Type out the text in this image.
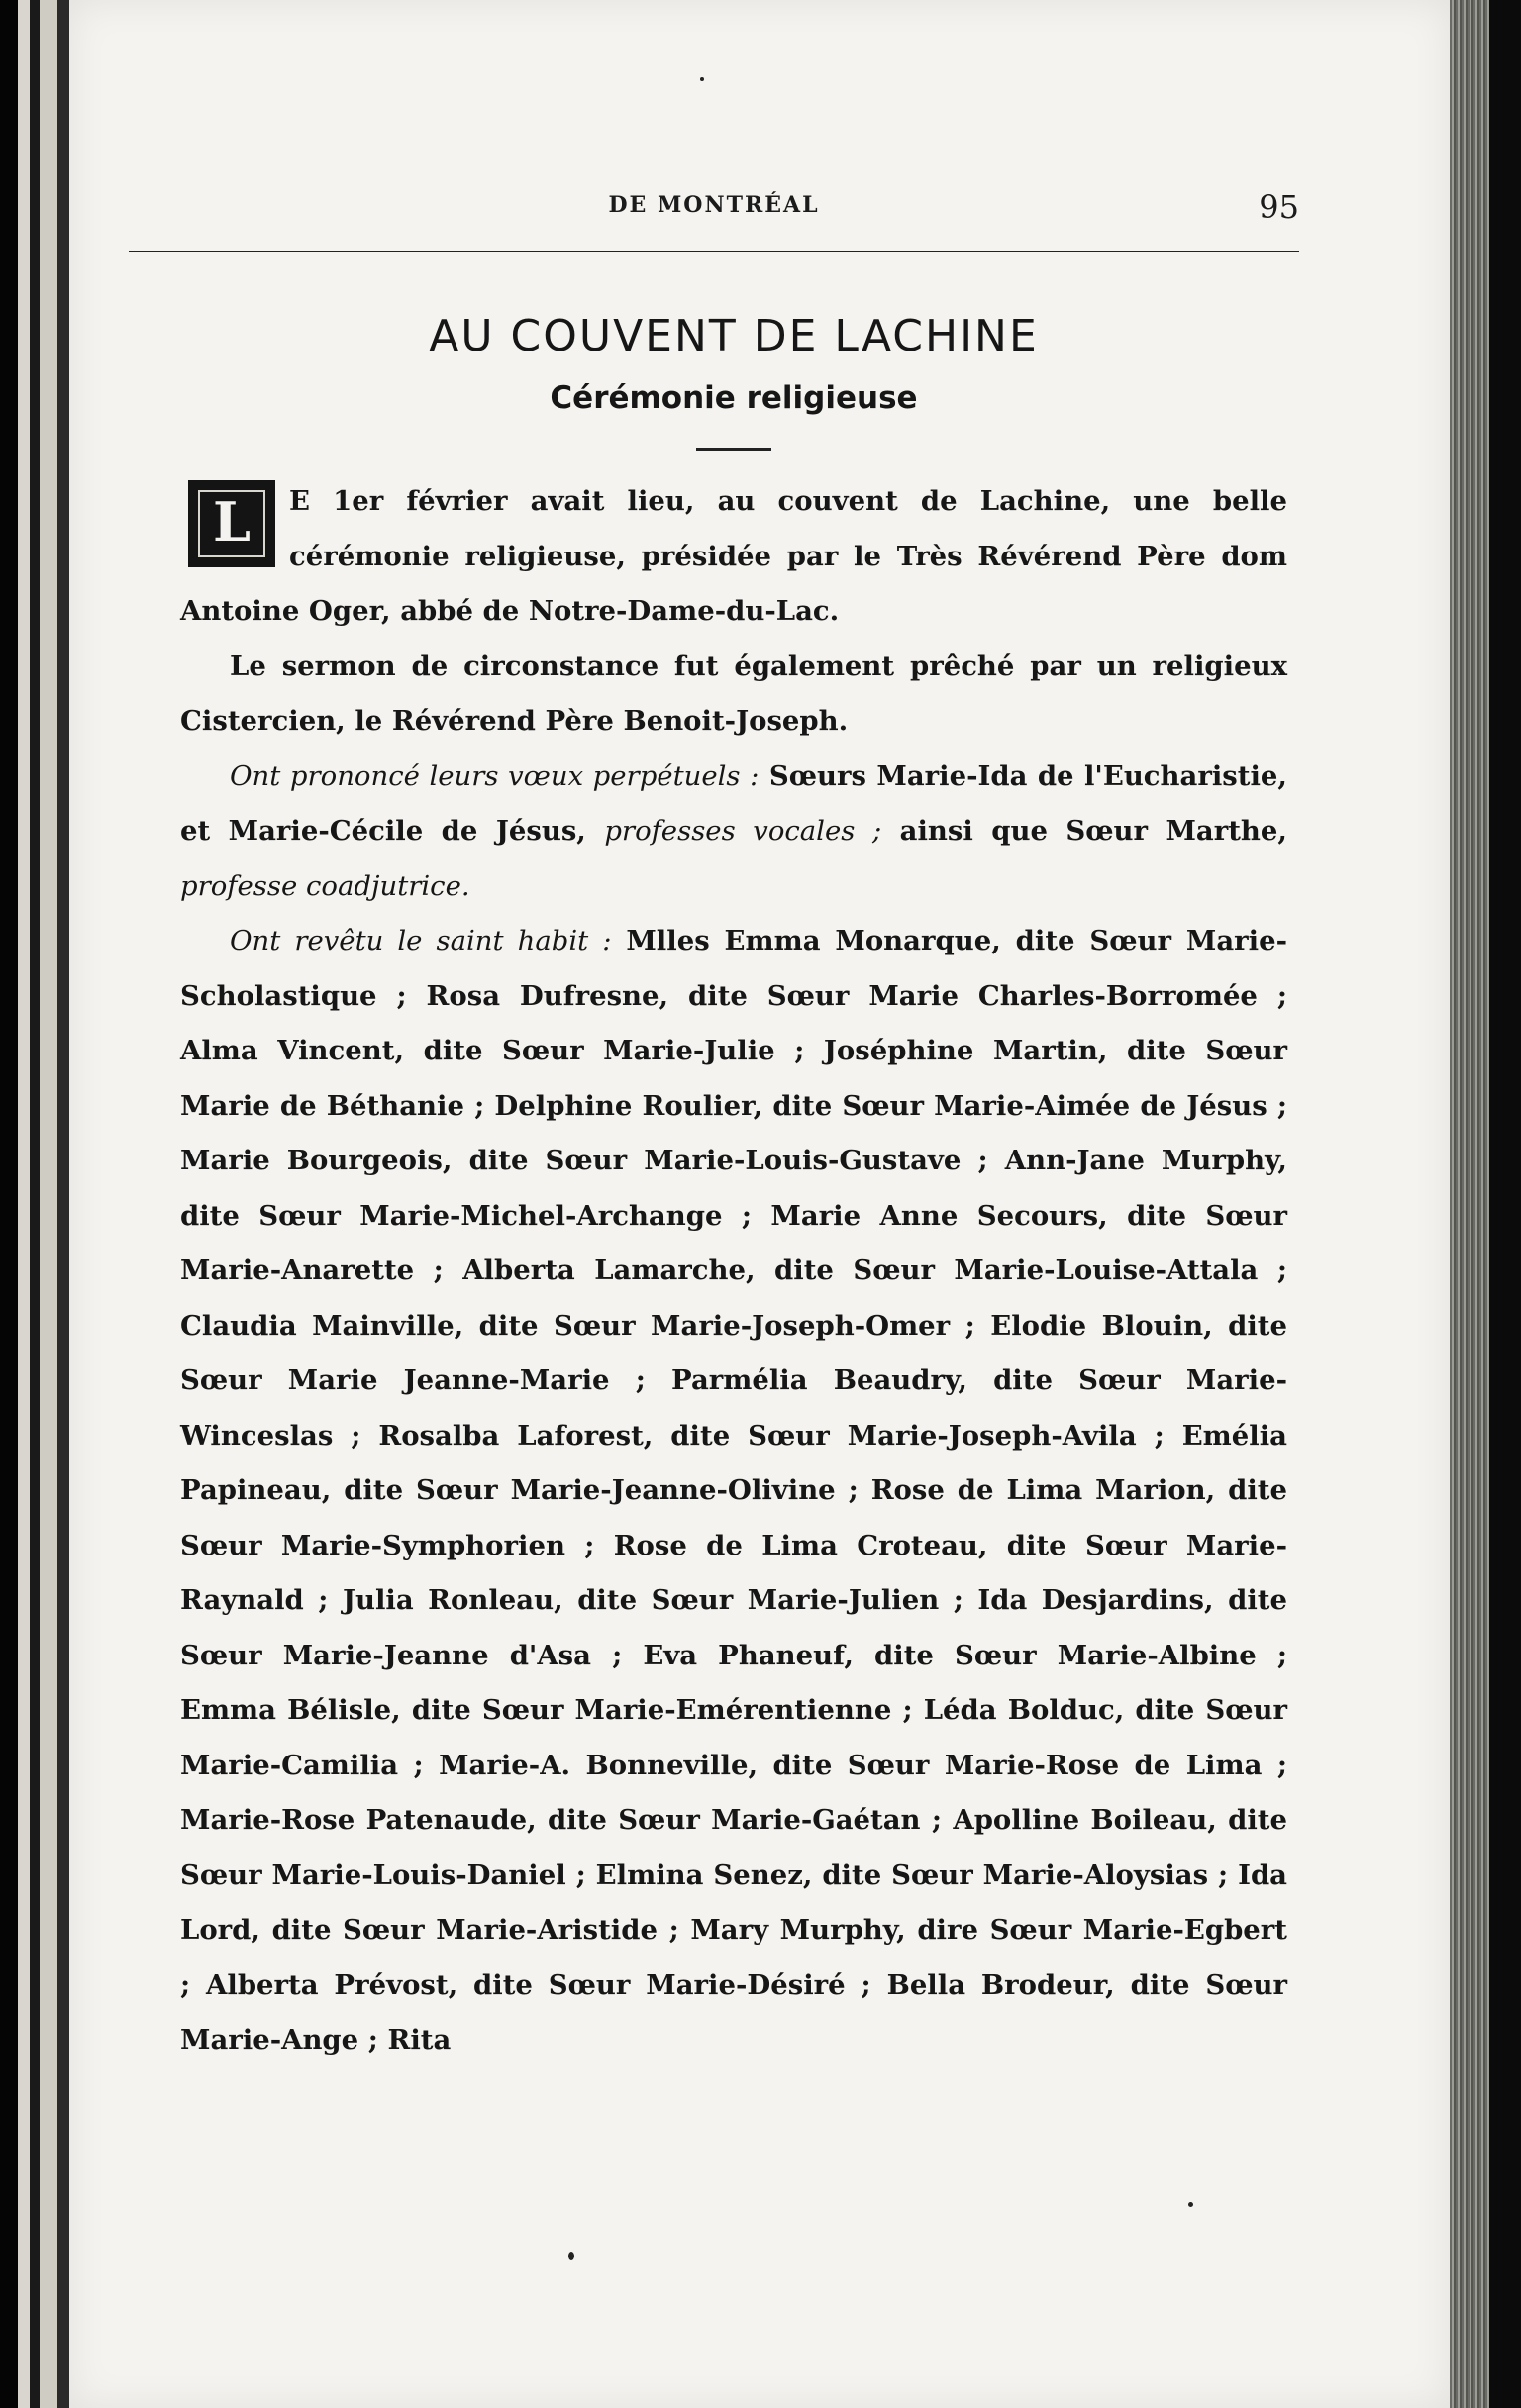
DE MONTRÉAL	95
AU COUVENT DE LACHINE
Cérémonie religieuse

L	E 1er février avait lieu, au couvent de Lachine, une belle cérémonie religieuse, présidée par le Très Révérend Père dom Antoine Oger, abbé de Notre-Dame-du-Lac.

Le sermon de circonstance fut également prêché par un religieux Cistercien, le Révérend Père Benoit-Joseph.

Ont prononcé leurs vœux perpétuels : Sœurs Marie-Ida de l'Eucharistie, et Marie-Cécile de Jésus, professes vocales ; ainsi que Sœur Marthe, professe coadjutrice.

Ont revêtu le saint habit : Mlles Emma Monarque, dite Sœur Marie-Scholastique ; Rosa Dufresne, dite Sœur Marie Charles-Borromée ; Alma Vincent, dite Sœur Marie-Julie ; Joséphine Martin, dite Sœur Marie de Béthanie ; Delphine Roulier, dite Sœur Marie-Aimée de Jésus ; Marie Bourgeois, dite Sœur Marie-Louis-Gustave ; Ann-Jane Murphy, dite Sœur Marie-Michel-Archange ; Marie Anne Secours, dite Sœur Marie-Anarette ; Alberta Lamarche, dite Sœur Marie-Louise-Attala ; Claudia Mainville, dite Sœur Marie-Joseph-Omer ; Elodie Blouin, dite Sœur Marie Jeanne-Marie ; Parmélia Beaudry, dite Sœur Marie-Winceslas ; Rosalba Laforest, dite Sœur Marie-Joseph-Avila ; Emélia Papineau, dite Sœur Marie-Jeanne-Olivine ; Rose de Lima Marion, dite Sœur Marie-Symphorien ; Rose de Lima Croteau, dite Sœur Marie-Raynald ; Julia Ronleau, dite Sœur Marie-Julien ; Ida Desjardins, dite Sœur Marie-Jeanne d'Asa ; Eva Phaneuf, dite Sœur Marie-Albine ; Emma Bélisle, dite Sœur Marie-Emérentienne ; Léda Bolduc, dite Sœur Marie-Camilia ; Marie-A. Bonneville, dite Sœur Marie-Rose de Lima ; Marie-Rose Patenaude, dite Sœur Marie-Gaétan ; Apolline Boileau, dite Sœur Marie-Louis-Daniel ; Elmina Senez, dite Sœur Marie-Aloysias ; Ida Lord, dite Sœur Marie-Aristide ; Mary Murphy, dire Sœur Marie-Egbert ; Alberta Prévost, dite Sœur Marie-Désiré ; Bella Brodeur, dite Sœur Marie-Ange ; Rita
